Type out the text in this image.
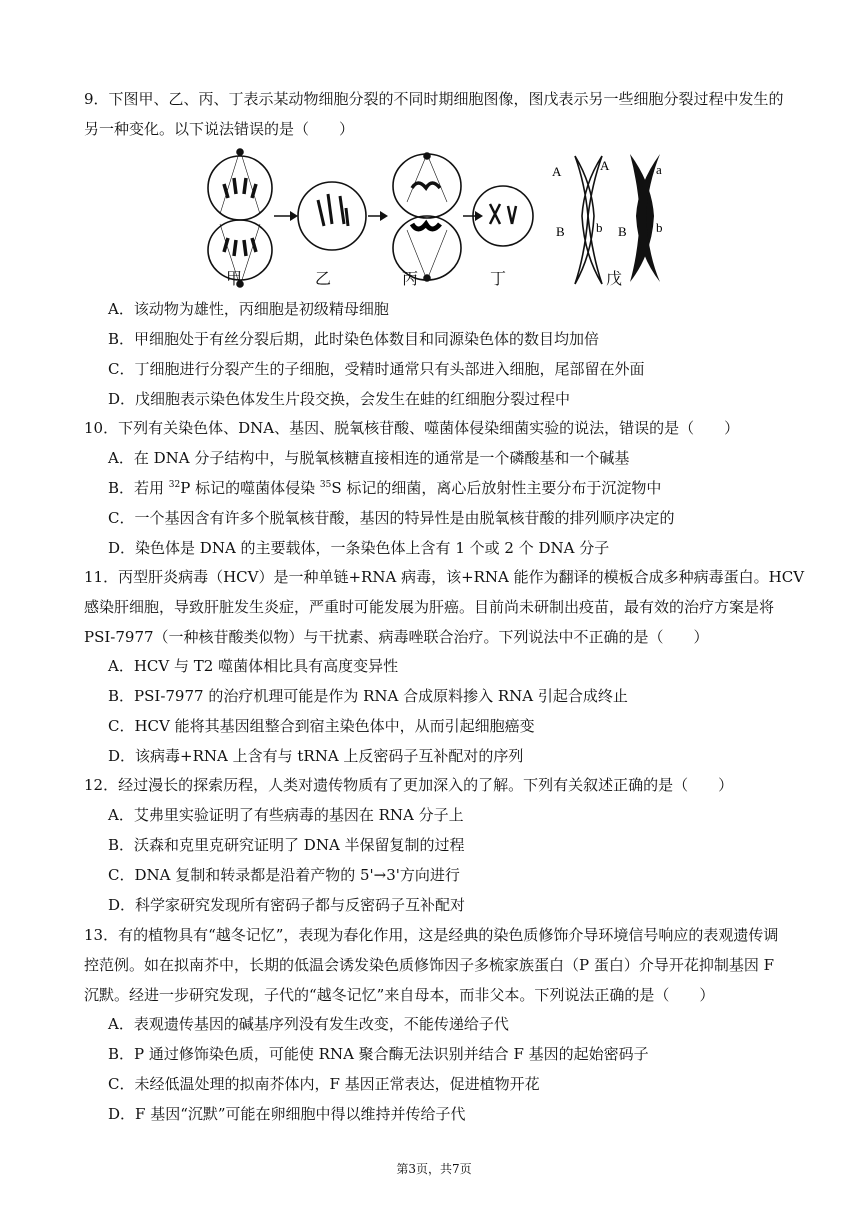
9．下图甲、乙、丙、丁表示某动物细胞分裂的不同时期细胞图像，图戊表示另一些细胞分裂过程中发生的
另一种变化。以下说法错误的是（　　）

A	A
B b
a
B b
甲	乙	丙	丁	戊

A．该动物为雄性，丙细胞是初级精母细胞

B．甲细胞处于有丝分裂后期，此时染色体数目和同源染色体的数目均加倍

C．丁细胞进行分裂产生的子细胞，受精时通常只有头部进入细胞，尾部留在外面

D．戊细胞表示染色体发生片段交换，会发生在蛙的红细胞分裂过程中

10．下列有关染色体、DNA、基因、脱氧核苷酸、噬菌体侵染细菌实验的说法，错误的是（　　）

A．在 DNA 分子结构中，与脱氧核糖直接相连的通常是一个磷酸基和一个碱基

B．若用 $^{32}$P 标记的噬菌体侵染 $^{35}$S 标记的细菌，离心后放射性主要分布于沉淀物中

C．一个基因含有许多个脱氧核苷酸，基因的特异性是由脱氧核苷酸的排列顺序决定的

D．染色体是 DNA 的主要载体，一条染色体上含有 1 个或 2 个 DNA 分子

11．丙型肝炎病毒（HCV）是一种单链+RNA 病毒，该+RNA 能作为翻译的模板合成多种病毒蛋白。HCV
感染肝细胞，导致肝脏发生炎症，严重时可能发展为肝癌。目前尚未研制出疫苗，最有效的治疗方案是将
PSI-7977（一种核苷酸类似物）与干扰素、病毒唑联合治疗。下列说法中不正确的是（　　）

A．HCV 与 T2 噬菌体相比具有高度变异性

B．PSI-7977 的治疗机理可能是作为 RNA 合成原料掺入 RNA 引起合成终止

C．HCV 能将其基因组整合到宿主染色体中，从而引起细胞癌变

D．该病毒+RNA 上含有与 tRNA 上反密码子互补配对的序列

12．经过漫长的探索历程，人类对遗传物质有了更加深入的了解。下列有关叙述正确的是（　　）

A．艾弗里实验证明了有些病毒的基因在 RNA 分子上

B．沃森和克里克研究证明了 DNA 半保留复制的过程

C．DNA 复制和转录都是沿着产物的 5'→3'方向进行

D．科学家研究发现所有密码子都与反密码子互补配对

13．有的植物具有“越冬记忆”，表现为春化作用，这是经典的染色质修饰介导环境信号响应的表观遗传调
控范例。如在拟南芥中，长期的低温会诱发染色质修饰因子多梳家族蛋白（P 蛋白）介导开花抑制基因 F
沉默。经进一步研究发现，子代的“越冬记忆”来自母本，而非父本。下列说法正确的是（　　）

A．表观遗传基因的碱基序列没有发生改变，不能传递给子代

B．P 通过修饰染色质，可能使 RNA 聚合酶无法识别并结合 F 基因的起始密码子

C．未经低温处理的拟南芥体内，F 基因正常表达，促进植物开花

D．F 基因“沉默”可能在卵细胞中得以维持并传给子代

第3页，共7页
